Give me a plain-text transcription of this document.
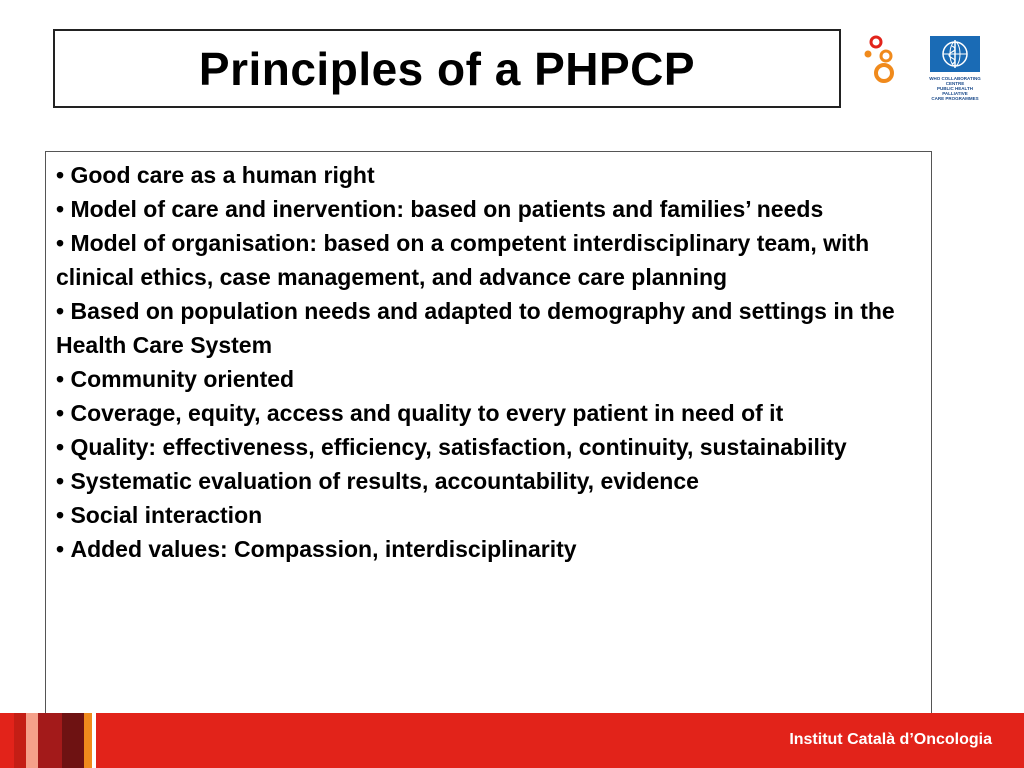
Principles of a PHPCP	WHO COLLABORATING CENTRE
PUBLIC HEALTH PALLIATIVE
CARE PROGRAMMES
• Good care as a human right
• Model of care and inervention: based on patients and families’ needs
• Model of organisation: based on a competent interdisciplinary team, with clinical ethics, case management, and advance care planning
• Based on population needs and adapted to demography and settings in the Health Care System
• Community oriented
• Coverage, equity, access and quality to every patient in need of it
• Quality: effectiveness, efficiency, satisfaction, continuity, sustainability
• Systematic evaluation of results, accountability, evidence
• Social interaction
• Added values: Compassion, interdisciplinarity
Institut Català d’Oncologia
